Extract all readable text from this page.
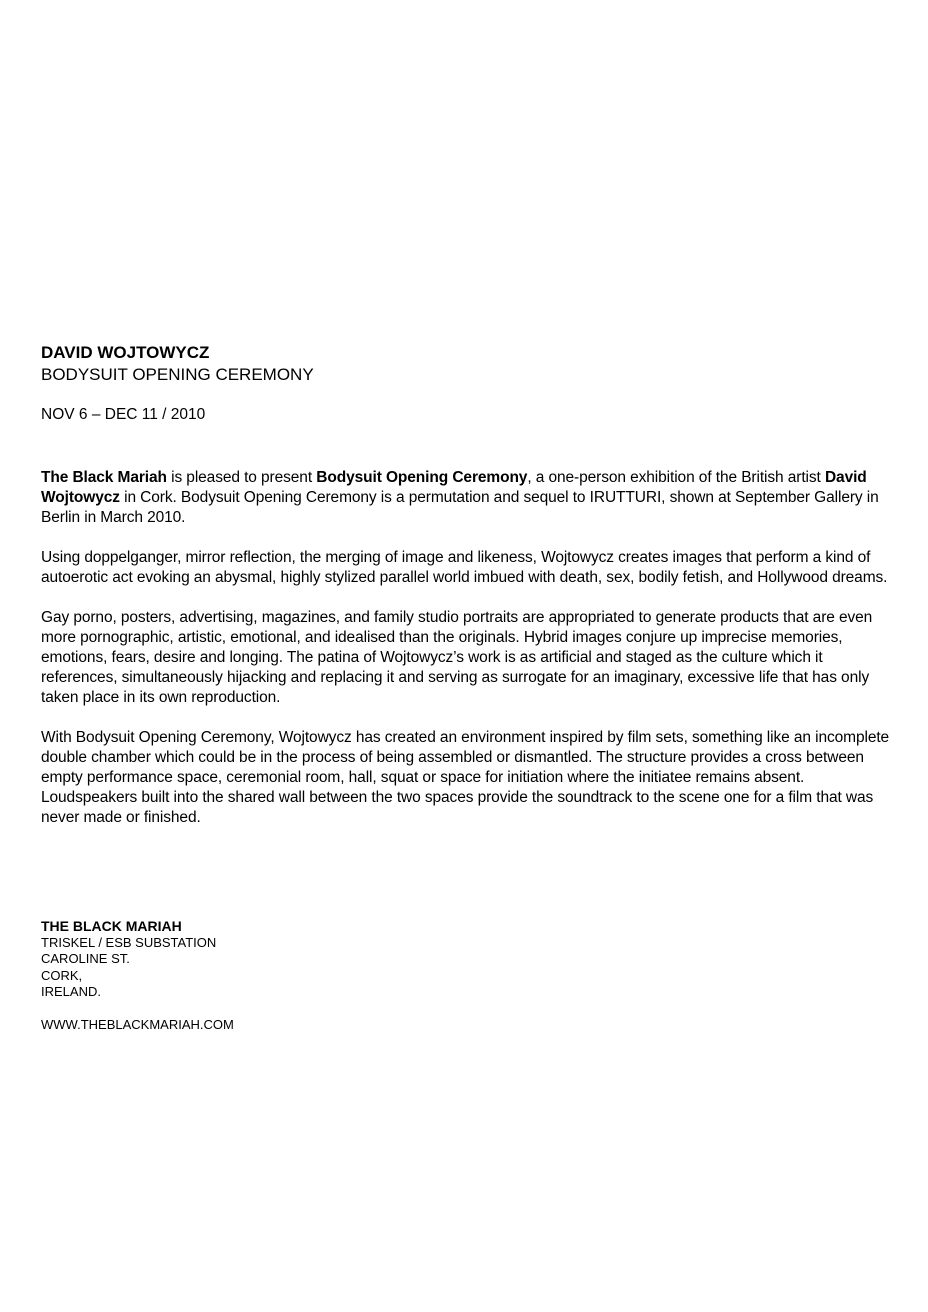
DAVID WOJTOWYCZ
BODYSUIT OPENING CEREMONY
NOV 6 – DEC 11 / 2010

The Black Mariah is pleased to present Bodysuit Opening Ceremony, a one-person exhibition of the British artist David Wojtowycz in Cork. Bodysuit Opening Ceremony is a permutation and sequel to IRUTTURI, shown at September Gallery in Berlin in March 2010.

Using doppelganger, mirror reflection, the merging of image and likeness, Wojtowycz creates images that perform a kind of autoerotic act evoking an abysmal, highly stylized parallel world imbued with death, sex, bodily fetish, and Hollywood dreams.

Gay porno, posters, advertising, magazines, and family studio portraits are appropriated to generate products that are even more pornographic, artistic, emotional, and idealised than the originals. Hybrid images conjure up imprecise memories, emotions, fears, desire and longing. The patina of Wojtowycz’s work is as artificial and staged as the culture which it references, simultaneously hijacking and replacing it and serving as surrogate for an imaginary, excessive life that has only taken place in its own reproduction.

With Bodysuit Opening Ceremony, Wojtowycz has created an environment inspired by film sets, something like an incomplete double chamber which could be in the process of being assembled or dismantled. The structure provides a cross between empty performance space, ceremonial room, hall, squat or space for initiation where the initiatee remains absent. Loudspeakers built into the shared wall between the two spaces provide the soundtrack to the scene one for a film that was never made or finished.

THE BLACK MARIAH
TRISKEL / ESB SUBSTATION
CAROLINE ST.
CORK,
IRELAND.
WWW.THEBLACKMARIAH.COM
